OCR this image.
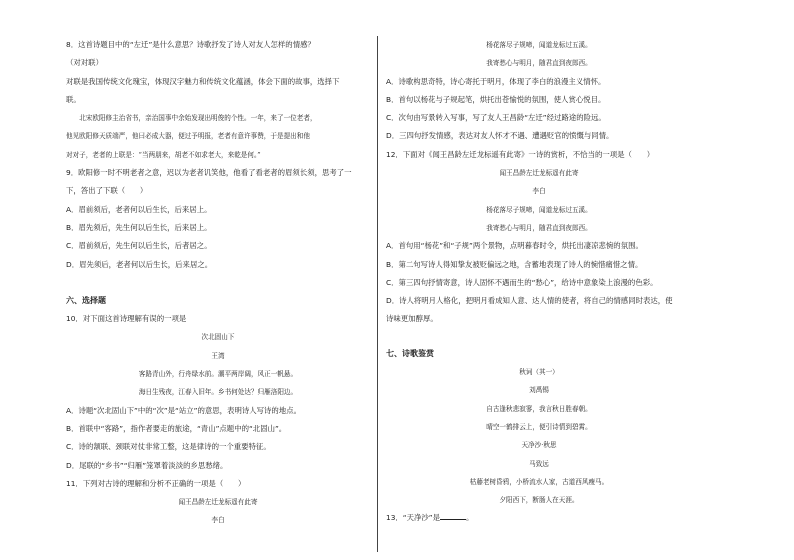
8．这首诗题目中的“左迁”是什么意思？诗歌抒发了诗人对友人怎样的情感？
（对对联）
对联是我国传统文化瑰宝，体现汉字魅力和传统文化蕴涵，体会下面的故事，选择下
联。
北宋欧阳修主治省书，亲治国事中余始发现出明俊的个性。一年，来了一位老者，
他见欧阳修天质端严，他曰必成大器，便过予明报，老者有意许事赞，于是提出和他
对对子，老者的上联是：“当两朋来，胡老不如求老大，来乾是何。”
9．欧阳修一时不明老者之意，迟以为老者讥笑他，他看了看老者的眉须长须，思考了一
下，答出了下联（　　）
A．眉前须后，老者何以后生长，后来居上。
B．眉先须后，先生何以后生长，后来居上。
C．眉前须后，先生何以后生长，后者居之。
D．眉先须后，老者何以后生长，后来居之。
六、选择题
10．对下面这首诗理解有误的一项是
次北固山下
王湾
客路青山外，行舟绿水前。潮平两岸阔，风正一帆悬。
海日生残夜，江春入旧年。乡书何处达？归雁洛阳边。
A．诗题“次北固山下”中的“次”是“站立”的意思，表明诗人写诗的地点。
B．首联中“客路”，指作者要走的旅途，“青山”点题中的“北固山”。
C．诗的颔联、颈联对仗非常工整，这是律诗的一个重要特征。
D．尾联的“乡书”“归雁”笼罩着淡淡的乡思愁绪。
11．下列对古诗的理解和分析不正确的一项是（　　）
闻王昌龄左迁龙标遥有此寄
李白
杨花落尽子规啼，闻道龙标过五溪。
我寄愁心与明月，随君直到夜郎西。
A．诗歌构思奇特，诗心寄托于明月，体现了李白的浪漫主义情怀。
B．首句以杨花与子规起笔，烘托出苍愉悦的氛围，使人赏心悦目。
C．次句由写景转入写事，写了友人王昌龄“左迁”经过路途的险远。
D．三四句抒发情感，表达对友人怀才不遇、遭遇贬官的愤慨与同情。
12．下面对《闻王昌龄左迁龙标遥有此寄》一诗的赏析，不恰当的一项是（　　）
闻王昌龄左迁龙标遥有此寄
李白
杨花落尽子规啼，闻道龙标过五溪。
我寄愁心与明月，随君直到夜郎西。
A．首句用“杨花”和“子规”两个景物，点明暮春时令，烘托出凄凉悲惋的氛围。
B．第二句写诗人得知挚友被贬偏远之地，含蓄地表现了诗人的惋惜痛惜之情。
C．第三四句抒情寄意，诗人固怀不遇而生的“愁心”，给诗中意象染上浪漫的色彩。
D．诗人将明月人格化，把明月看成知人意、达人情的使者，将自己的情感同时表达，使
诗味更加醇厚。
七、诗歌鉴赏
秋词（其一）
刘禹锡
自古逢秋悲寂寥，我言秋日胜春朝。
晴空一鹤排云上，便引诗情到碧霄。
天净沙·秋思
马致远
枯藤老树昏鸦，小桥流水人家，古道西风瘦马。
夕阳西下，断肠人在天涯。
13．“天净沙”是	。
